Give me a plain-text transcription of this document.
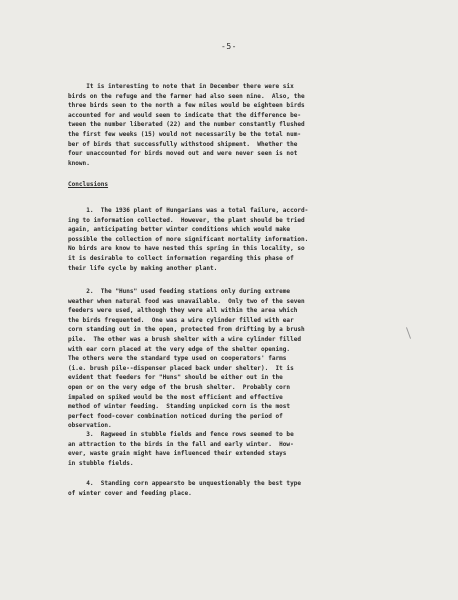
-5-

It is interesting to note that in December there were six
birds on the refuge and the farmer had also seen nine.  Also, the
three birds seen to the north a few miles would be eighteen birds
accounted for and would seem to indicate that the difference be-
tween the number liberated (22) and the number constantly flushed
the first few weeks (15) would not necessarily be the total num-
ber of birds that successfully withstood shipment.  Whether the
four unaccounted for birds moved out and were never seen is not
known.

Conclusions

1.  The 1936 plant of Hungarians was a total failure, accord-
ing to information collected.  However, the plant should be tried
again, anticipating better winter conditions which would make
possible the collection of more significant mortality information.
No birds are know to have nested this spring in this locality, so
it is desirable to collect information regarding this phase of
their life cycle by making another plant.

2.  The "Huns" used feeding stations only during extreme
weather when natural food was unavailable.  Only two of the seven
feeders were used, although they were all within the area which
the birds frequented.  One was a wire cylinder filled with ear
corn standing out in the open, protected from drifting by a brush
pile.  The other was a brush shelter with a wire cylinder filled
with ear corn placed at the very edge of the shelter opening.
The others were the standard type used on cooperators' farms
(i.e. brush pile--dispenser placed back under shelter).  It is
evident that feeders for "Huns" should be either out in the
open or on the very edge of the brush shelter.  Probably corn
impaled on spiked would be the most efficient and effective
method of winter feeding.  Standing unpicked corn is the most
perfect food-cover combination noticed during the period of
observation.

3.  Ragweed in stubble fields and fence rows seemed to be
an attraction to the birds in the fall and early winter.  How-
ever, waste grain might have influenced their extended stays
in stubble fields.

4.  Standing corn appearsto be unquestionably the best type
of winter cover and feeding place.
